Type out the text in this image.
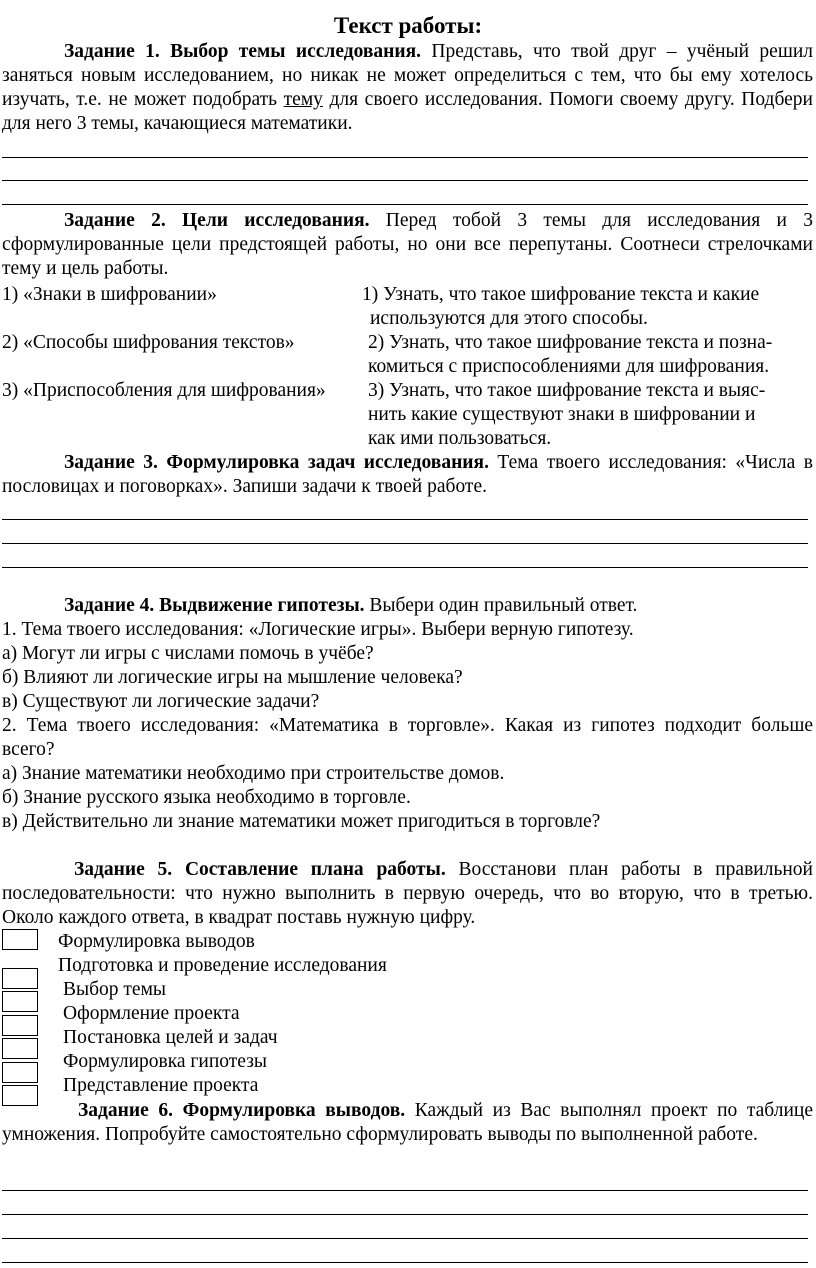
Текст работы:

Задание 1. Выбор темы исследования. Представь, что твой друг – учёный решил заняться новым исследованием, но никак не может определиться с тем, что бы ему хотелось изучать, т.е. не может подобрать тему для своего исследования. Помоги своему другу. Подбери для него 3 темы, качающиеся математики.

Задание 2. Цели исследования. Перед тобой 3 темы для исследования и 3 сформулированные цели предстоящей работы, но они все перепутаны. Соотнеси стрелочками тему и цель работы.

1) «Знаки в шифровании»	1) Узнать, что такое шифрование текста и какие
используются для этого способы.
2) «Способы шифрования текстов»	2) Узнать, что такое шифрование текста и позна-
комиться с приспособлениями для шифрования.
3) «Приспособления для шифрования» 3) Узнать, что такое шифрование текста и выяс-
нить какие существуют знаки в шифровании и
как ими пользоваться.

Задание 3. Формулировка задач исследования. Тема твоего исследования: «Числа в пословицах и поговорках». Запиши задачи к твоей работе.

Задание 4. Выдвижение гипотезы. Выбери один правильный ответ.

1. Тема твоего исследования: «Логические игры». Выбери верную гипотезу.

а) Могут ли игры с числами помочь в учёбе?

б) Влияют ли логические игры на мышление человека?

в) Существуют ли логические задачи?

2. Тема твоего исследования: «Математика в торговле». Какая из гипотез подходит больше всего?

а) Знание математики необходимо при строительстве домов.

б) Знание русского языка необходимо в торговле.

в) Действительно ли знание математики может пригодиться в торговле?

Задание 5. Составление плана работы. Восстанови план работы в правильной последовательности: что нужно выполнить в первую очередь, что во вторую, что в третью. Около каждого ответа, в квадрат поставь нужную цифру.

Формулировка выводов
Подготовка и проведение исследования
Выбор темы
Оформление проекта
Постановка целей и задач
Формулировка гипотезы
Представление проекта

Задание 6. Формулировка выводов. Каждый из Вас выполнял проект по таблице умножения. Попробуйте самостоятельно сформулировать выводы по выполненной работе.
